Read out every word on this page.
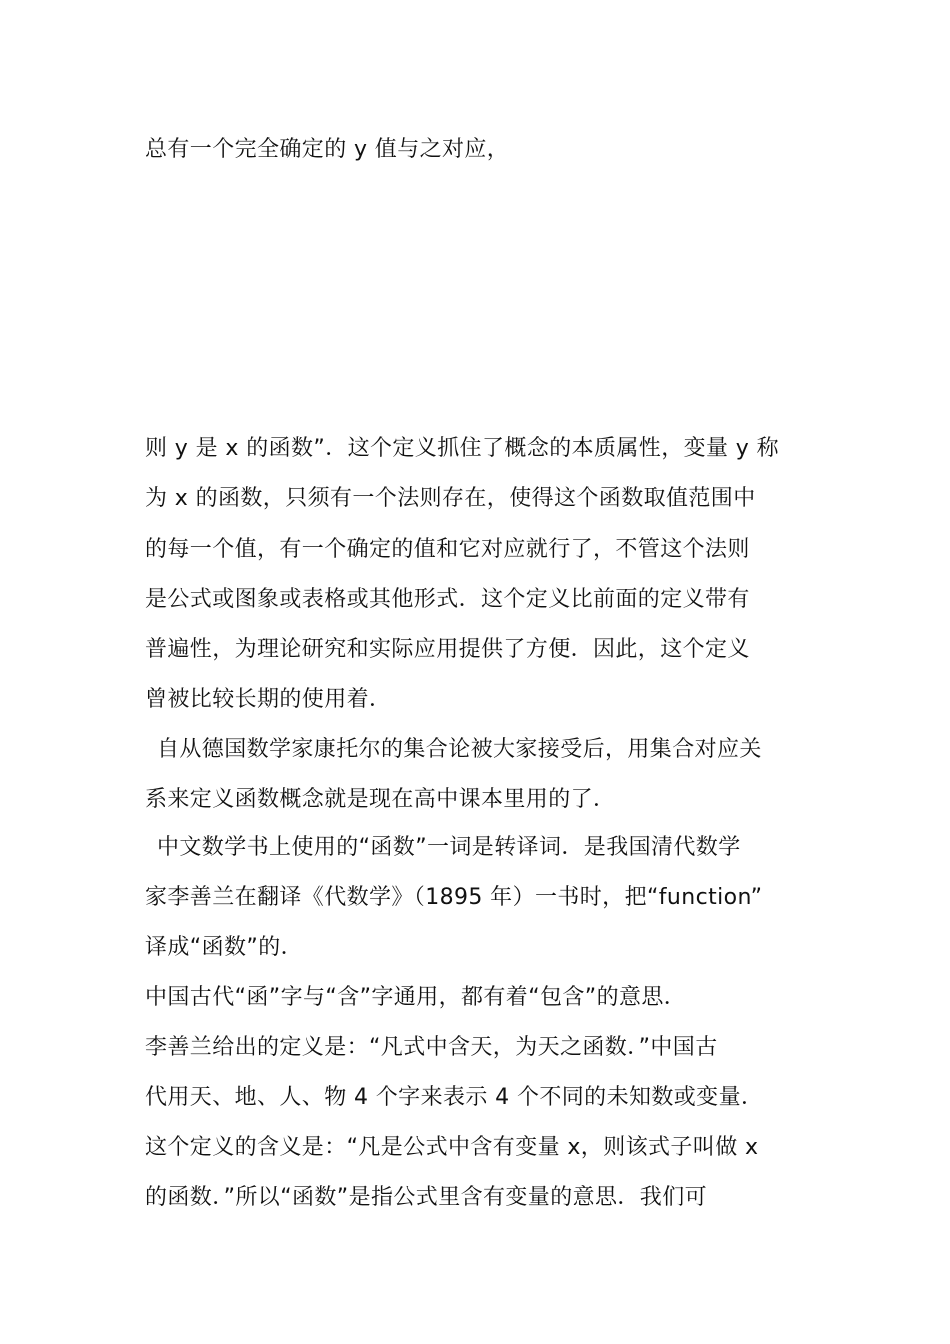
总有一个完全确定的 y 值与之对应，
则 y 是 x 的函数”．这个定义抓住了概念的本质属性，变量 y 称
为 x 的函数，只须有一个法则存在，使得这个函数取值范围中
的每一个值，有一个确定的值和它对应就行了，不管这个法则
是公式或图象或表格或其他形式．这个定义比前面的定义带有
普遍性，为理论研究和实际应用提供了方便．因此，这个定义
曾被比较长期的使用着．
自从德国数学家康托尔的集合论被大家接受后，用集合对应关
系来定义函数概念就是现在高中课本里用的了．
中文数学书上使用的“函数”一词是转译词．是我国清代数学
家李善兰在翻译《代数学》（1895 年）一书时，把“function”
译成“函数”的．
中国古代“函”字与“含”字通用，都有着“包含”的意思．
李善兰给出的定义是：“凡式中含天，为天之函数．”中国古
代用天、地、人、物 4 个字来表示 4 个不同的未知数或变量．
这个定义的含义是：“凡是公式中含有变量 x，则该式子叫做 x
的函数．”所以“函数”是指公式里含有变量的意思．我们可
